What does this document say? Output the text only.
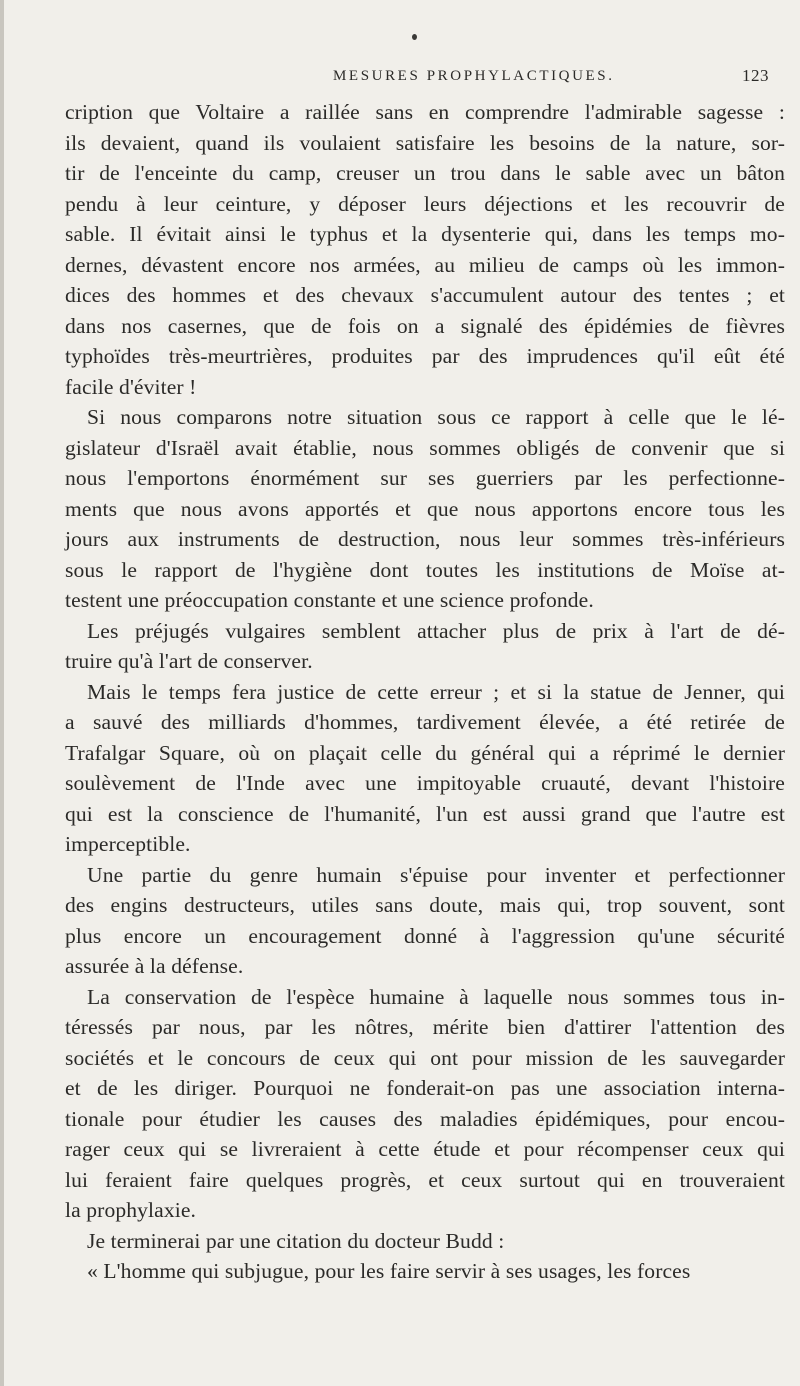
MESURES PROPHYLACTIQUES.	123
cription que Voltaire a raillée sans en comprendre l'admirable sagesse :
ils devaient, quand ils voulaient satisfaire les besoins de la nature, sor-
tir de l'enceinte du camp, creuser un trou dans le sable avec un bâton
pendu à leur ceinture, y déposer leurs déjections et les recouvrir de
sable. Il évitait ainsi le typhus et la dysenterie qui, dans les temps mo-
dernes, dévastent encore nos armées, au milieu de camps où les immon-
dices des hommes et des chevaux s'accumulent autour des tentes ; et
dans nos casernes, que de fois on a signalé des épidémies de fièvres
typhoïdes très-meurtrières, produites par des imprudences qu'il eût été
facile d'éviter !
Si nous comparons notre situation sous ce rapport à celle que le lé-
gislateur d'Israël avait établie, nous sommes obligés de convenir que si
nous l'emportons énormément sur ses guerriers par les perfectionne-
ments que nous avons apportés et que nous apportons encore tous les
jours aux instruments de destruction, nous leur sommes très-inférieurs
sous le rapport de l'hygiène dont toutes les institutions de Moïse at-
testent une préoccupation constante et une science profonde.
Les préjugés vulgaires semblent attacher plus de prix à l'art de dé-
truire qu'à l'art de conserver.
Mais le temps fera justice de cette erreur ; et si la statue de Jenner, qui
a sauvé des milliards d'hommes, tardivement élevée, a été retirée de
Trafalgar Square, où on plaçait celle du général qui a réprimé le dernier
soulèvement de l'Inde avec une impitoyable cruauté, devant l'histoire
qui est la conscience de l'humanité, l'un est aussi grand que l'autre est
imperceptible.
Une partie du genre humain s'épuise pour inventer et perfectionner
des engins destructeurs, utiles sans doute, mais qui, trop souvent, sont
plus encore un encouragement donné à l'aggression qu'une sécurité
assurée à la défense.
La conservation de l'espèce humaine à laquelle nous sommes tous in-
téressés par nous, par les nôtres, mérite bien d'attirer l'attention des
sociétés et le concours de ceux qui ont pour mission de les sauvegarder
et de les diriger. Pourquoi ne fonderait-on pas une association interna-
tionale pour étudier les causes des maladies épidémiques, pour encou-
rager ceux qui se livreraient à cette étude et pour récompenser ceux qui
lui feraient faire quelques progrès, et ceux surtout qui en trouveraient
la prophylaxie.
Je terminerai par une citation du docteur Budd :
« L'homme qui subjugue, pour les faire servir à ses usages, les forces
